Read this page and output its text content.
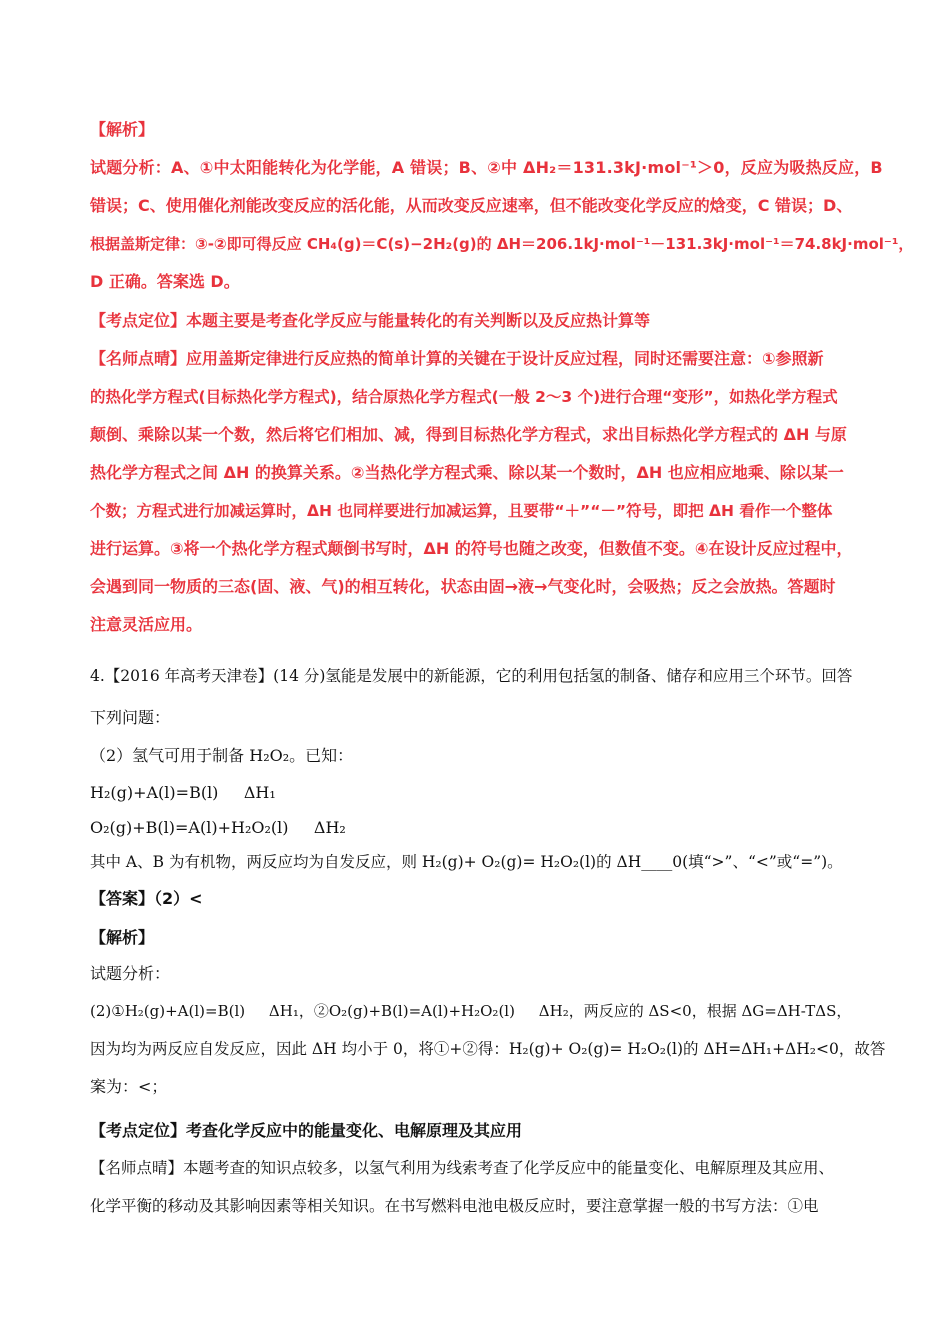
【解析】
试题分析：A、①中太阳能转化为化学能，A 错误；B、②中 ΔH₂＝131.3kJ·mol⁻¹＞0，反应为吸热反应，B
错误；C、使用催化剂能改变反应的活化能，从而改变反应速率，但不能改变化学反应的焓变，C 错误；D、
根据盖斯定律：③-②即可得反应 CH₄(g)＝C(s)−2H₂(g)的 ΔH＝206.1kJ·mol⁻¹－131.3kJ·mol⁻¹＝74.8kJ·mol⁻¹，
D 正确。答案选 D。
【考点定位】本题主要是考查化学反应与能量转化的有关判断以及反应热计算等
【名师点晴】应用盖斯定律进行反应热的简单计算的关键在于设计反应过程，同时还需要注意：①参照新
的热化学方程式(目标热化学方程式)，结合原热化学方程式(一般 2～3 个)进行合理“变形”，如热化学方程式
颠倒、乘除以某一个数，然后将它们相加、减，得到目标热化学方程式，求出目标热化学方程式的 ΔH 与原
热化学方程式之间 ΔH 的换算关系。②当热化学方程式乘、除以某一个数时，ΔH 也应相应地乘、除以某一
个数；方程式进行加减运算时，ΔH 也同样要进行加减运算，且要带“＋”“－”符号，即把 ΔH 看作一个整体
进行运算。③将一个热化学方程式颠倒书写时，ΔH 的符号也随之改变，但数值不变。④在设计反应过程中，
会遇到同一物质的三态(固、液、气)的相互转化，状态由固→液→气变化时，会吸热；反之会放热。答题时
注意灵活应用。
4.【2016 年高考天津卷】(14 分)氢能是发展中的新能源，它的利用包括氢的制备、储存和应用三个环节。回答
下列问题：
（2）氢气可用于制备 H₂O₂。已知：
H₂(g)+A(l)=B(l)     ΔH₁
O₂(g)+B(l)=A(l)+H₂O₂(l)     ΔH₂
其中 A、B 为有机物，两反应均为自发反应，则 H₂(g)+ O₂(g)= H₂O₂(l)的 ΔH____0(填“>”、“<”或“=”)。
【答案】（2）<
【解析】
试题分析：
(2)①H₂(g)+A(l)=B(l)     ΔH₁，②O₂(g)+B(l)=A(l)+H₂O₂(l)     ΔH₂，两反应的 ΔS<0，根据 ΔG=ΔH-TΔS，
因为均为两反应自发反应，因此 ΔH 均小于 0，将①+②得：H₂(g)+ O₂(g)= H₂O₂(l)的 ΔH=ΔH₁+ΔH₂<0，故答
案为：<；
【考点定位】考查化学反应中的能量变化、电解原理及其应用
【名师点晴】本题考查的知识点较多，以氢气利用为线索考查了化学反应中的能量变化、电解原理及其应用、
化学平衡的移动及其影响因素等相关知识。在书写燃料电池电极反应时，要注意掌握一般的书写方法：①电
